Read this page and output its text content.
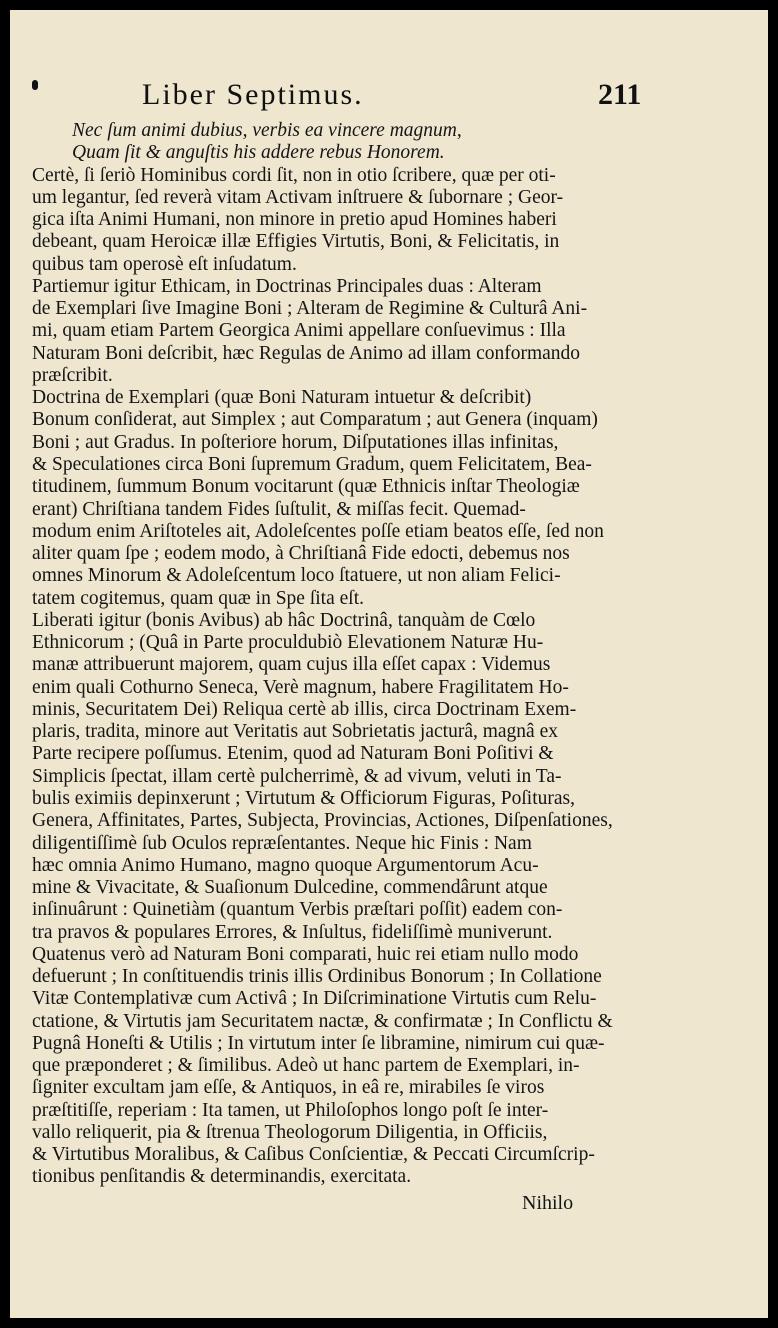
Liber Septimus.	211
Nec ſum animi dubius, verbis ea vincere magnum,
Quam ſit & anguſtis his addere rebus Honorem.
Certè, ſi ſeriò Hominibus cordi ſit, non in otio ſcribere, quæ per oti-
um legantur, ſed reverà vitam Activam inſtruere & ſubornare ; Geor-
gica iſta Animi Humani, non minore in pretio apud Homines haberi
debeant, quam Heroicæ illæ Effigies Virtutis, Boni, & Felicitatis, in
quibus tam operosè eſt inſudatum.
Partiemur igitur Ethicam, in Doctrinas Principales duas : Alteram
de Exemplari ſive Imagine Boni ; Alteram de Regimine & Culturâ Ani-
mi, quam etiam Partem Georgica Animi appellare conſuevimus : Illa
Naturam Boni deſcribit, hæc Regulas de Animo ad illam conformando
præſcribit.
Doctrina de Exemplari (quæ Boni Naturam intuetur & deſcribit)
Bonum conſiderat, aut Simplex ; aut Comparatum ; aut Genera (inquam)
Boni ; aut Gradus. In poſteriore horum, Diſputationes illas infinitas,
& Speculationes circa Boni ſupremum Gradum, quem Felicitatem, Bea-
titudinem, ſummum Bonum vocitarunt (quæ Ethnicis inſtar Theologiæ
erant) Chriſtiana tandem Fides ſuſtulit, & miſſas fecit. Quemad-
modum enim Ariſtoteles ait, Adoleſcentes poſſe etiam beatos eſſe, ſed non
aliter quam ſpe ; eodem modo, à Chriſtianâ Fide edocti, debemus nos
omnes Minorum & Adoleſcentum loco ſtatuere, ut non aliam Felici-
tatem cogitemus, quam quæ in Spe ſita eſt.
Liberati igitur (bonis Avibus) ab hâc Doctrinâ, tanquàm de Cœlo
Ethnicorum ; (Quâ in Parte proculdubiò Elevationem Naturæ Hu-
manæ attribuerunt majorem, quam cujus illa eſſet capax : Videmus
enim quali Cothurno Seneca, Verè magnum, habere Fragilitatem Ho-
minis, Securitatem Dei) Reliqua certè ab illis, circa Doctrinam Exem-
plaris, tradita, minore aut Veritatis aut Sobrietatis jacturâ, magnâ ex
Parte recipere poſſumus. Etenim, quod ad Naturam Boni Poſitivi &
Simplicis ſpectat, illam certè pulcherrimè, & ad vivum, veluti in Ta-
bulis eximiis depinxerunt ; Virtutum & Officiorum Figuras, Poſituras,
Genera, Affinitates, Partes, Subjecta, Provincias, Actiones, Diſpenſationes,
diligentiſſimè ſub Oculos repræſentantes. Neque hic Finis : Nam
hæc omnia Animo Humano, magno quoque Argumentorum Acu-
mine & Vivacitate, & Suaſionum Dulcedine, commendârunt atque
inſinuârunt : Quinetiàm (quantum Verbis præſtari poſſit) eadem con-
tra pravos & populares Errores, & Inſultus, fideliſſimè muniverunt.
Quatenus verò ad Naturam Boni comparati, huic rei etiam nullo modo
defuerunt ; In conſtituendis trinis illis Ordinibus Bonorum ; In Collatione
Vitæ Contemplativæ cum Activâ ; In Diſcriminatione Virtutis cum Relu-
ctatione, & Virtutis jam Securitatem nactæ, & confirmatæ ; In Conflictu &
Pugnâ Honeſti & Utilis ; In virtutum inter ſe libramine, nimirum cui quæ-
que præponderet ; & ſimilibus. Adeò ut hanc partem de Exemplari, in-
ſigniter excultam jam eſſe, & Antiquos, in eâ re, mirabiles ſe viros
præſtitiſſe, reperiam : Ita tamen, ut Philoſophos longo poſt ſe inter-
vallo reliquerit, pia & ſtrenua Theologorum Diligentia, in Officiis,
& Virtutibus Moralibus, & Caſibus Conſcientiæ, & Peccati Circumſcrip-
tionibus penſitandis & determinandis, exercitata.
Nihilo
